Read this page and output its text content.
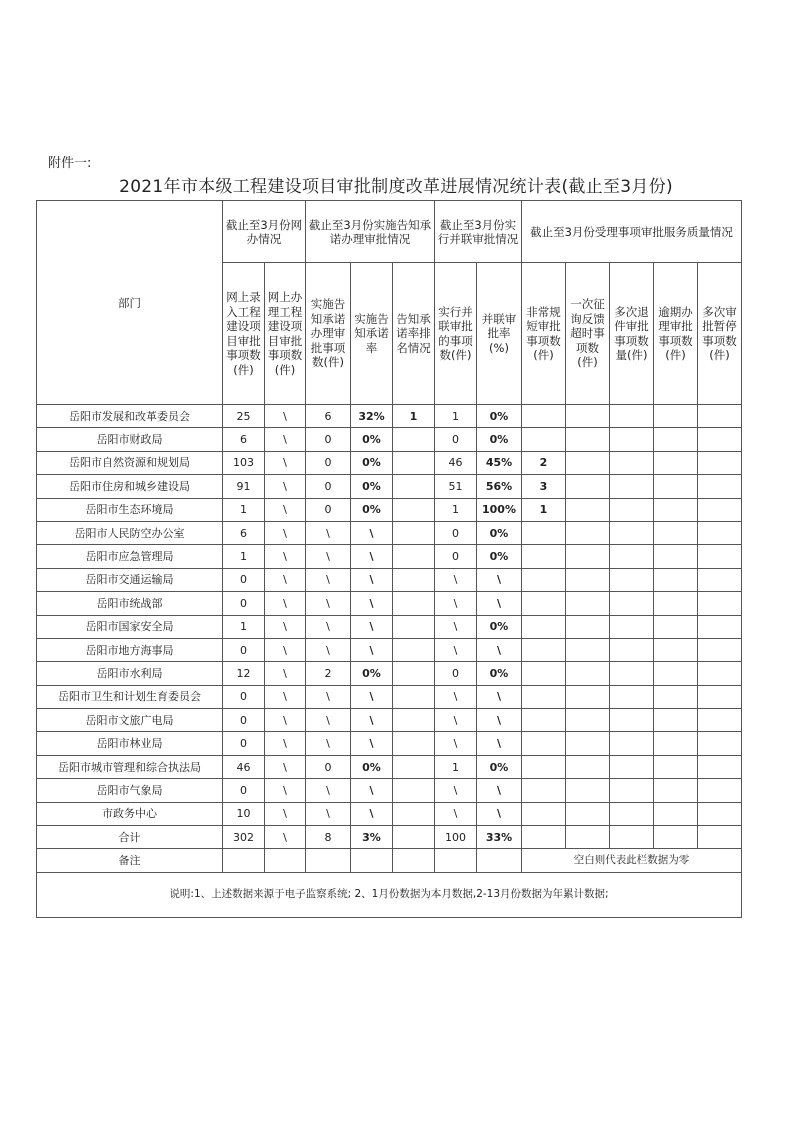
附件一:
2021年市本级工程建设项目审批制度改革进展情况统计表(截止至3月份)
部门	截止至3月份网办情况		截止至3月份实施告知承诺办理审批情况			截止至3月份实行并联审批情况		截止至3月份受理事项审批服务质量情况				
	网上录入工程建设项目审批事项数(件)	网上办理工程建设项目审批事项数(件)	实施告知承诺办理审批事项数(件)	实施告知承诺率	告知承诺率排名情况	实行并联审批的事项数(件)	并联审批率(%)	非常规短审批事项数(件)	一次征询反馈超时事项数(件)	多次退件审批事项数量(件)	逾期办理审批事项数(件)	多次审批暂停事项数(件)
岳阳市发展和改革委员会	25	\	6	32%	1	1	0%					
岳阳市财政局	6	\	0	0%		0	0%					
岳阳市自然资源和规划局	103	\	0	0%		46	45%	2				
岳阳市住房和城乡建设局	91	\	0	0%		51	56%	3				
岳阳市生态环境局	1	\	0	0%		1	100%	1				
岳阳市人民防空办公室	6	\	\	\		0	0%					
岳阳市应急管理局	1	\	\	\		0	0%					
岳阳市交通运输局	0	\	\	\		\	\					
岳阳市统战部	0	\	\	\		\	\					
岳阳市国家安全局	1	\	\	\		\	0%					
岳阳市地方海事局	0	\	\	\		\	\					
岳阳市水利局	12	\	2	0%		0	0%					
岳阳市卫生和计划生育委员会	0	\	\	\		\	\					
岳阳市文旅广电局	0	\	\	\		\	\					
岳阳市林业局	0	\	\	\		\	\					
岳阳市城市管理和综合执法局	46	\	0	0%		1	0%					
岳阳市气象局	0	\	\	\		\	\					
市政务中心	10	\	\	\		\	\					
合计	302	\	8	3%		100	33%					
备注								空白则代表此栏数据为零				
说明:1、上述数据来源于电子监察系统; 2、1月份数据为本月数据,2-13月份数据为年累计数据;												
